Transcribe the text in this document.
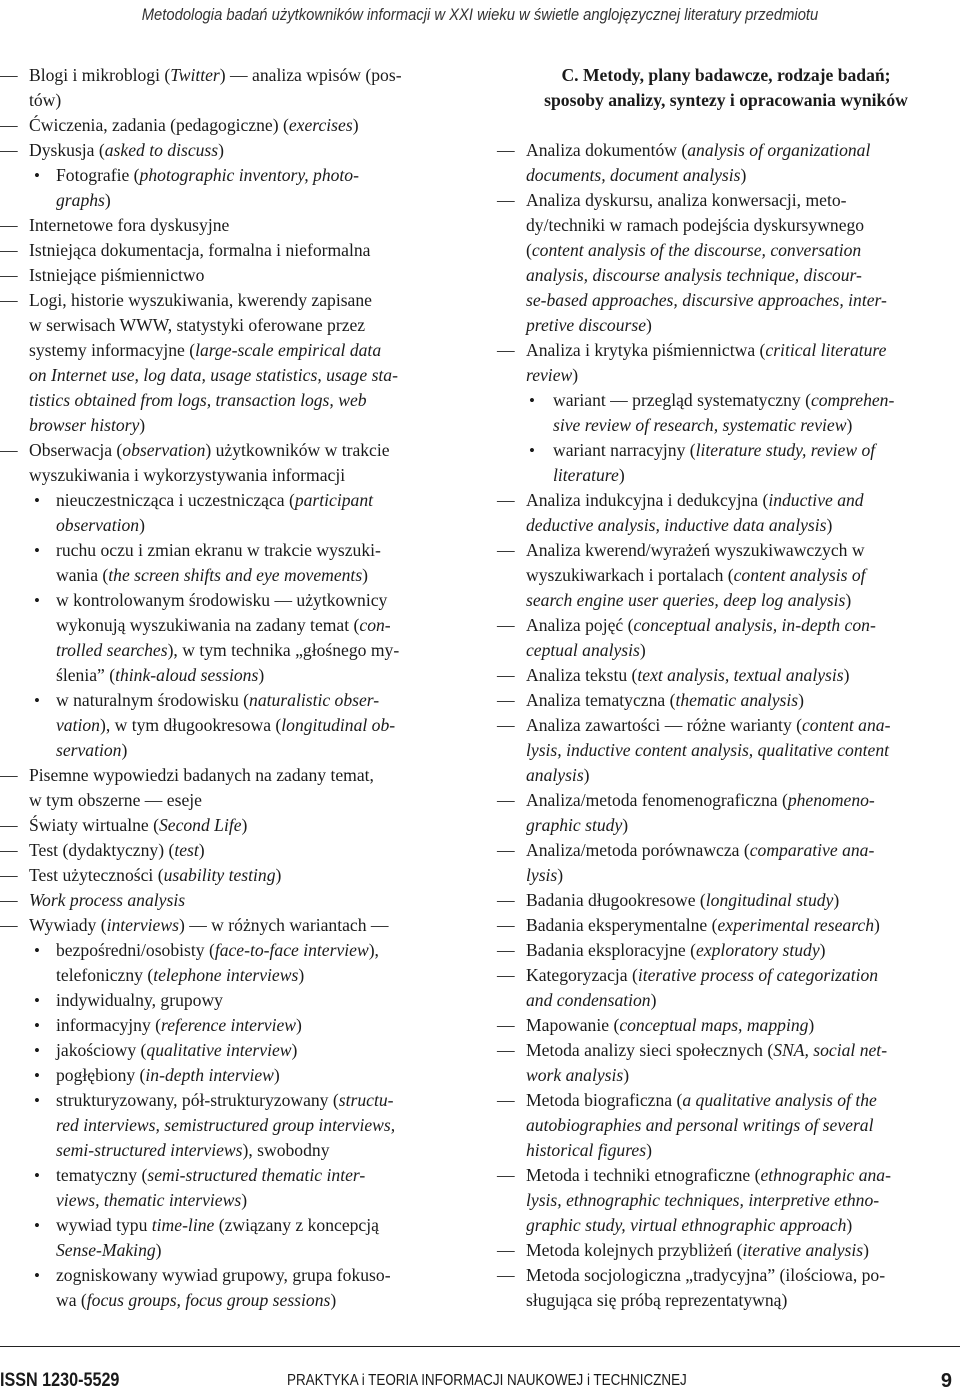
Metodologia badań użytkowników informacji w XXI wieku w świetle anglojęzycznej literatury przedmiotu
—
Blogi i mikroblogi (Twitter) — analiza wpisów (pos-
tów)
—
Ćwiczenia, zadania (pedagogiczne) (exercises)
—
Dyskusja (asked to discuss)
•
Fotografie (photographic inventory, photo-
graphs)
—
Internetowe fora dyskusyjne
—
Istniejąca dokumentacja, formalna i nieformalna
—
Istniejące piśmiennictwo
—
Logi, historie wyszukiwania, kwerendy zapisane
w serwisach WWW, statystyki oferowane przez
systemy informacyjne (large-scale empirical data
on Internet use, log data, usage statistics, usage sta-
tistics obtained from logs, transaction logs, web
browser history)
—
Obserwacja (observation) użytkowników w trakcie
wyszukiwania i wykorzystywania informacji
•
nieuczestnicząca i uczestnicząca (participant
observation)
•
ruchu oczu i zmian ekranu w trakcie wyszuki-
wania (the screen shifts and eye movements)
•
w kontrolowanym środowisku — użytkownicy
wykonują wyszukiwania na zadany temat (con-
trolled searches), w tym technika „głośnego my-
ślenia” (think-aloud sessions)
•
w naturalnym środowisku (naturalistic obser-
vation), w tym długookresowa (longitudinal ob-
servation)
—
Pisemne wypowiedzi badanych na zadany temat,
w tym obszerne — eseje
—
Światy wirtualne (Second Life)
—
Test (dydaktyczny) (test)
—
Test użyteczności (usability testing)
—
Work process analysis
—
Wywiady (interviews) — w różnych wariantach —
•
bezpośredni/osobisty (face-to-face interview),
telefoniczny (telephone interviews)
•
indywidualny, grupowy
•
informacyjny (reference interview)
•
jakościowy (qualitative interview)
•
pogłębiony (in-depth interview)
•
strukturyzowany, pół-strukturyzowany (structu-
red interviews, semistructured group interviews,
semi-structured interviews), swobodny
•
tematyczny (semi-structured thematic inter-
views, thematic interviews)
•
wywiad typu time-line (związany z koncepcją
Sense-Making)
•
zogniskowany wywiad grupowy, grupa fokuso-
wa (focus groups, focus group sessions)
C. Metody, plany badawcze, rodzaje badań;
sposoby analizy, syntezy i opracowania wyników
—
Analiza dokumentów (analysis of organizational
documents, document analysis)
—
Analiza dyskursu, analiza konwersacji, meto-
dy/techniki w ramach podejścia dyskursywnego
(content analysis of the discourse, conversation
analysis, discourse analysis technique, discour-
se-based approaches, discursive approaches, inter-
pretive discourse)
—
Analiza i krytyka piśmiennictwa (critical literature
review)
•
wariant — przegląd systematyczny (comprehen-
sive review of research, systematic review)
•
wariant narracyjny (literature study, review of
literature)
—
Analiza indukcyjna i dedukcyjna (inductive and
deductive analysis, inductive data analysis)
—
Analiza kwerend/wyrażeń wyszukiwawczych w
wyszukiwarkach i portalach (content analysis of
search engine user queries, deep log analysis)
—
Analiza pojęć (conceptual analysis, in-depth con-
ceptual analysis)
—
Analiza tekstu (text analysis, textual analysis)
—
Analiza tematyczna (thematic analysis)
—
Analiza zawartości — różne warianty (content ana-
lysis, inductive content analysis, qualitative content
analysis)
—
Analiza/metoda fenomenograficzna (phenomeno-
graphic study)
—
Analiza/metoda porównawcza (comparative ana-
lysis)
—
Badania długookresowe (longitudinal study)
—
Badania eksperymentalne (experimental research)
—
Badania eksploracyjne (exploratory study)
—
Kategoryzacja (iterative process of categorization
and condensation)
—
Mapowanie (conceptual maps, mapping)
—
Metoda analizy sieci społecznych (SNA, social net-
work analysis)
—
Metoda biograficzna (a qualitative analysis of the
autobiographies and personal writings of several
historical figures)
—
Metoda i techniki etnograficzne (ethnographic ana-
lysis, ethnographic techniques, interpretive ethno-
graphic study, virtual ethnographic approach)
—
Metoda kolejnych przybliżeń (iterative analysis)
—
Metoda socjologiczna „tradycyjna” (ilościowa, po-
sługująca się próbą reprezentatywną)
ISSN 1230-5529	PRAKTYKA i TEORIA INFORMACJI NAUKOWEJ i TECHNICZNEJ	9
